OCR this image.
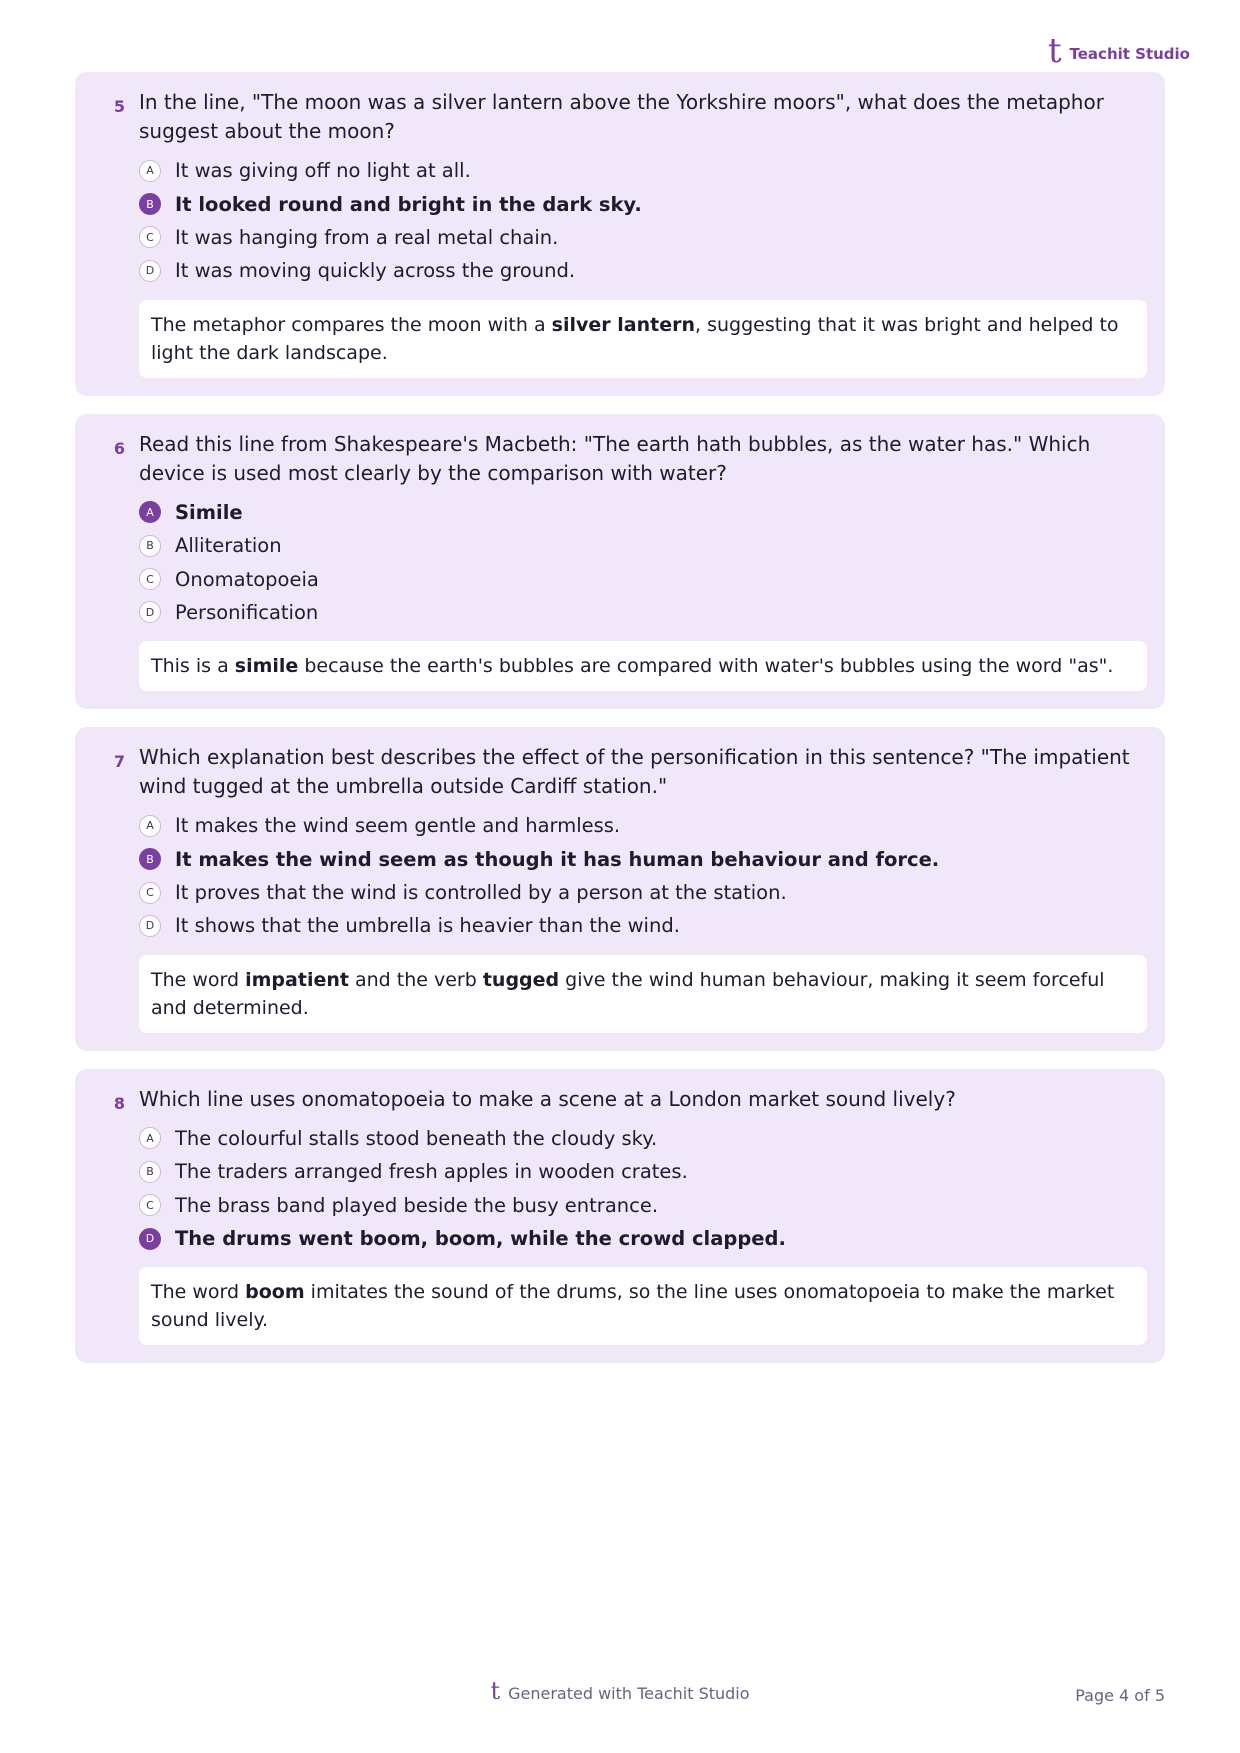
t Teachit Studio
5 In the line, "The moon was a silver lantern above the Yorkshire moors", what does the metaphor suggest about the moon?

A	It was giving off no light at all.
B	It looked round and bright in the dark sky.
C	It was hanging from a real metal chain.
D	It was moving quickly across the ground.
The metaphor compares the moon with a silver lantern, suggesting that it was bright and helped to light the dark landscape.
6 Read this line from Shakespeare's Macbeth: "The earth hath bubbles, as the water has." Which device is used most clearly by the comparison with water?

A	Simile
B	Alliteration
C	Onomatopoeia
D	Personification
This is a simile because the earth's bubbles are compared with water's bubbles using the word "as".
7 Which explanation best describes the effect of the personification in this sentence? "The impatient wind tugged at the umbrella outside Cardiff station."

A	It makes the wind seem gentle and harmless.
B	It makes the wind seem as though it has human behaviour and force.
C	It proves that the wind is controlled by a person at the station.
D	It shows that the umbrella is heavier than the wind.
The word impatient and the verb tugged give the wind human behaviour, making it seem forceful and determined.
8 Which line uses onomatopoeia to make a scene at a London market sound lively?

A	The colourful stalls stood beneath the cloudy sky.
B	The traders arranged fresh apples in wooden crates.
C	The brass band played beside the busy entrance.
D	The drums went boom, boom, while the crowd clapped.
The word boom imitates the sound of the drums, so the line uses onomatopoeia to make the market sound lively.
t Generated with Teachit Studio	Page 4 of 5
